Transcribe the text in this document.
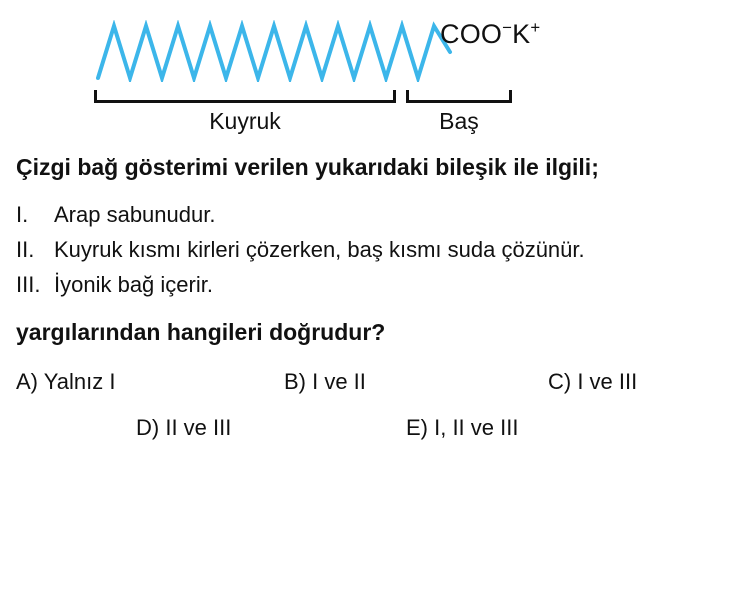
COO−K+
Kuyruk	Baş

Çizgi bağ gösterimi verilen yukarıdaki bileşik ile ilgili;

I.	Arap sabunudur.
II. Kuyruk kısmı kirleri çözerken, baş kısmı suda çözünür.
III. İyonik bağ içerir.

yargılarından hangileri doğrudur?

A) Yalnız I	B) I ve II	C) I ve III
D) II ve III	E) I, II ve III
